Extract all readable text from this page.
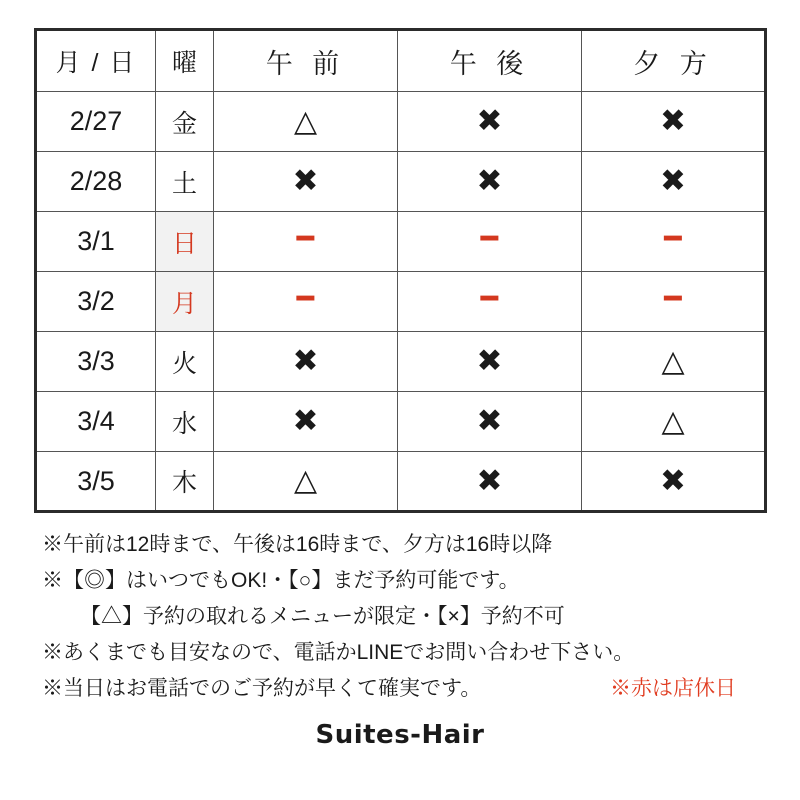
月 / 日	曜	午 前	午 後	夕 方
2/27	金	△	✖	✖
2/28	土	✖	✖	✖
3/1	日	━	━	━
3/2	月	━	━	━
3/3	火	✖	✖	△
3/4	水	✖	✖	△
3/5	木	△	✖	✖
※午前は12時まで、午後は16時まで、夕方は16時以降
※【◎】はいつでもOK!・【○】まだ予約可能です。
【△】予約の取れるメニューが限定・【×】予約不可
※あくまでも目安なので、電話かLINEでお問い合わせ下さい。
※当日はお電話でのご予約が早くて確実です。	※赤は店休日
Suites-Hair
